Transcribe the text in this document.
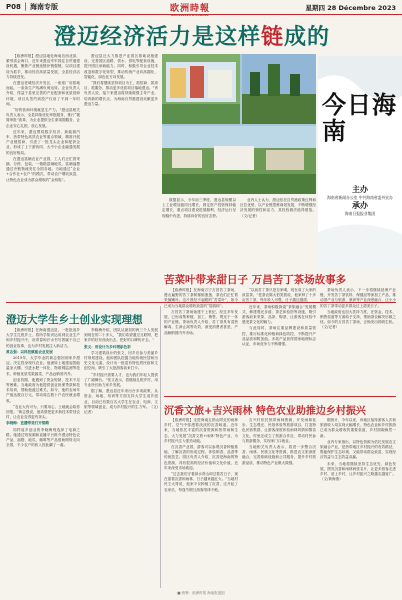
P08 │ 海南专版	欧洲時報
NOUVELLES D'EUROPE
星期四 28 Décembre 2023
澄迈经济活力是这样链成的

【欧洲时报】澄迈县地处海南岛西北部，紧邻省会海口，近年来澄迈牢牢抓住自贸港建设机遇，聚焦产业链延链补链强链，以项目建设为抓手，推动经济高质量发展，全县经济活力持续迸发。

在澄迈老城经济开发区，一座座厂房拔地而起，一条条生产线满负荷运转。企业负责人介绍，得益于县里完善的产业配套和优质营商环境，项目从签约到投产仅用了不到一年时间。

“好的营商环境就是生产力。”澄迈县相关负责人表示，全县持续优化审批服务，推行“极简审批”改革，为企业提供全生命周期服务，让企业安心扎根、放心发展。

近年来，澄迈围绕数字经济、新能源汽车、热带特色高效农业等重点领域，精准开展产业链招商，引进了一批龙头企业和配套企业，形成了上下游协同、大中小企业融通发展的良好格局。

在澄迈富硒农业产业园，工人们正忙着采摘、分拣、包装，一箱箱富硒地瓜、富硒福橙通过冷链物流发往全国各地。当地通过“企业+合作社+农户”的模式，带动农户增收致富，让特色农业成为群众增收的“金钥匙”。

澄迈县还大力推进产业园区基础设施建设，完善园区道路、供水、供电等配套设施，提升园区承载能力。同时，积极引导企业技术改造和数字化转型，推动传统产业向高端化、智能化、绿色化方向发展。

“我们将继续坚持项目为王，抓招商、抓项目、抓服务，推动更多优质项目落地澄迈。”该负责人说，接下来澄迈将持续做强主导产业，培育新的增长点，为海南自贸港建设贡献更多澄迈力量。

数据显示，今年前三季度，澄迈县规模以上工业增加值同比增长，固定资产投资保持稳定增长，重点项目建设进展顺利，经济运行呈现稳中有进、持续向好的良好态势。

业内人士认为，澄迈依托自贸港政策红利和区位优势，以产业链思维谋划发展，不断增强经济发展的韧性和活力，其经验做法值得借鉴。（文/记者）

今日海南
主办
海南省新闻办公室 中共海南省委外宣办
承办
海南日报报业集团
澄迈大学生乡土创业实现理想

【欧洲时报】在海南澄迈县，一批批返乡大学生扎根乡土，将所学知识运用到农业生产和乡村振兴中，用青春和汗水书写着属于自己的创业故事，也为乡村发展注入新活力。

黄志强：以科技赋能农业发展

2019年，大学毕业的黄志强回到家乡澄迈，决定投身现代农业。他流转土地建起智能温室大棚，引进水肥一体化、物联网监测等技术，种植优质瓜果蔬菜，产品远销省内外。

创业初期，他遇到了资金短缺、技术不足等困难。当地政府为他提供创业担保贷款和技术培训，帮助他渡过难关。如今，他的农场年产值达数百万元，带动周边数十户农民就业增收。

“农业大有可为，只要用心，土地就会给你回报。”黄志强说，他希望把更多新技术带回农村，让农业变得更有奔头。

李晓梅：直播带货打开销路

同样返乡创业的李晓梅则选择了电商之路。她通过短视频和直播平台推介澄迈特色农产品，福橙、地瓜、咖啡等产品借助网络走向全国，不少农户的收入因此翻了一番。

李晓梅介绍，团队从最初的两三个人发展到现在的二十多人，“我们希望通过互联网，把家乡的好东西卖出去，把好的口碑传开去。”

张文：用设计为乡村增添色彩

学习建筑设计的张文，回乡后参与美丽乡村规划建设。他和团队挖掘当地传统民居和历史文化元素，设计出一批富有特色的民宿和文创空间，吸引了大批游客前来打卡。

“乡村振兴需要人才，也为我们年轻人提供了广阔舞台。”张文表示，将继续扎根乡村，用专业所长助力家乡发展。

据了解，澄迈县近年来出台多项政策，从资金、场地、培训等方面支持大学生返乡创业，目前已有数百名大学生在农业、电商、文旅等领域创业，成为乡村振兴的生力军。（文/记者）

苦菜叶带来甜日子 万昌苦丁茶场故事多

【欧洲时报】在海南万宁万昌苦丁茶场，漫山遍野的苦丁茶树郁郁葱葱，茶农们正忙着采摘嫩叶。这片曾经不起眼的“苦菜叶”，如今已成为当地群众增收致富的“摇钱树”。

万昌苦丁茶场始建于上世纪，经过多年发展，已形成集种植、加工、销售、观光于一体的产业链。茶场负责人介绍，苦丁茶具有清热解毒、生津止渴等功效，深受消费者喜爱，产品畅销国内外市场。

“以前苦丁茶只是自家喝，现在成了大家的致富茶。”老茶农陈大伯笑着说，他家种了十多亩苦丁茶，每年收入可观，日子越过越甜。

近年来，茶场积极探索“茶旅融合”发展模式，修建观光步道、茶艺体验馆等设施，吸引游客前来采茶、品茶、购茶，让游客在体验中感受茶文化的魅力。

与此同时，茶场注重品牌建设和质量管控，推行标准化种植和绿色防控，不断提升产品品质和附加值。多款产品获得国家地理标志认证，市场竞争力不断增强。

茶场负责人表示，下一步将继续延伸产业链，开发苦丁茶饮料、保健品等深加工产品，推动茶产业与旅游、康养等产业深度融合，让小小的苦丁茶带动更多群众过上甜美日子。

当地政府也加大扶持力度，在资金、技术、销售渠道等方面给予支持，帮助茶农解决后顾之忧。如今的万昌苦丁茶场，正焕发出勃勃生机。（文/记者）

沉香文旅+吉兴雨林 特色农业助推边乡村振兴

【欧洲时报】走进海南五指山附近的雨林乡村，空气中弥漫着淡淡的沉香味道。近年来，当地依托丰富的沉香资源和热带雨林生态，大力发展“沉香文旅+雨林”特色产业，为乡村振兴注入强劲动能。

在沉香产业园，游客可以参观沉香种植基地，了解沉香的形成过程，体验制香、品香等传统技艺。园区负责人介绍，沉香是海南的特色资源，具有很高的经济价值和文化价值，近年来深受市场欢迎。

“过去我们守着绿水青山却过着苦日子，现在靠着沉香和雨林，日子越来越红火。”当地村民王大哥说，他家不仅种植了沉香，还开起了农家乐，每逢节假日游客络绎不绝。

吉兴村依托热带雨林资源，开发雨林徒步、生态观光、民俗体验等旅游项目，打造特色民宿集群，让游客深度体验雨林风情和黎苗文化。村里还成立了旅游合作社，带动村民参与旅游服务，实现家门口就业。

当地相关负责人表示，将进一步整合沉香、雨林、民族文化等资源，推进农文旅深度融合，完善基础设施和公共服务，提升乡村旅游品质，推动特色产业做大做强。

据统计，今年以来，该地区接待游客人次和旅游收入均实现大幅增长，特色农业和乡村旅游已成为群众增收的重要渠道，乡村面貌焕然一新。

业内专家指出，以特色资源为依托发展农文旅融合产业，是热带地区乡村振兴的有效路径，既能保护生态环境，又能带动群众致富，实现经济效益与生态效益双赢。

未来，当地将继续坚持生态优先、绿色发展，擦亮沉香和雨林两张名片，让更多游客走进乡村、爱上乡村，让乡村振兴之路越走越宽广。（文/黄海燕）

■ 统筹：欧洲时报 海南报道组
